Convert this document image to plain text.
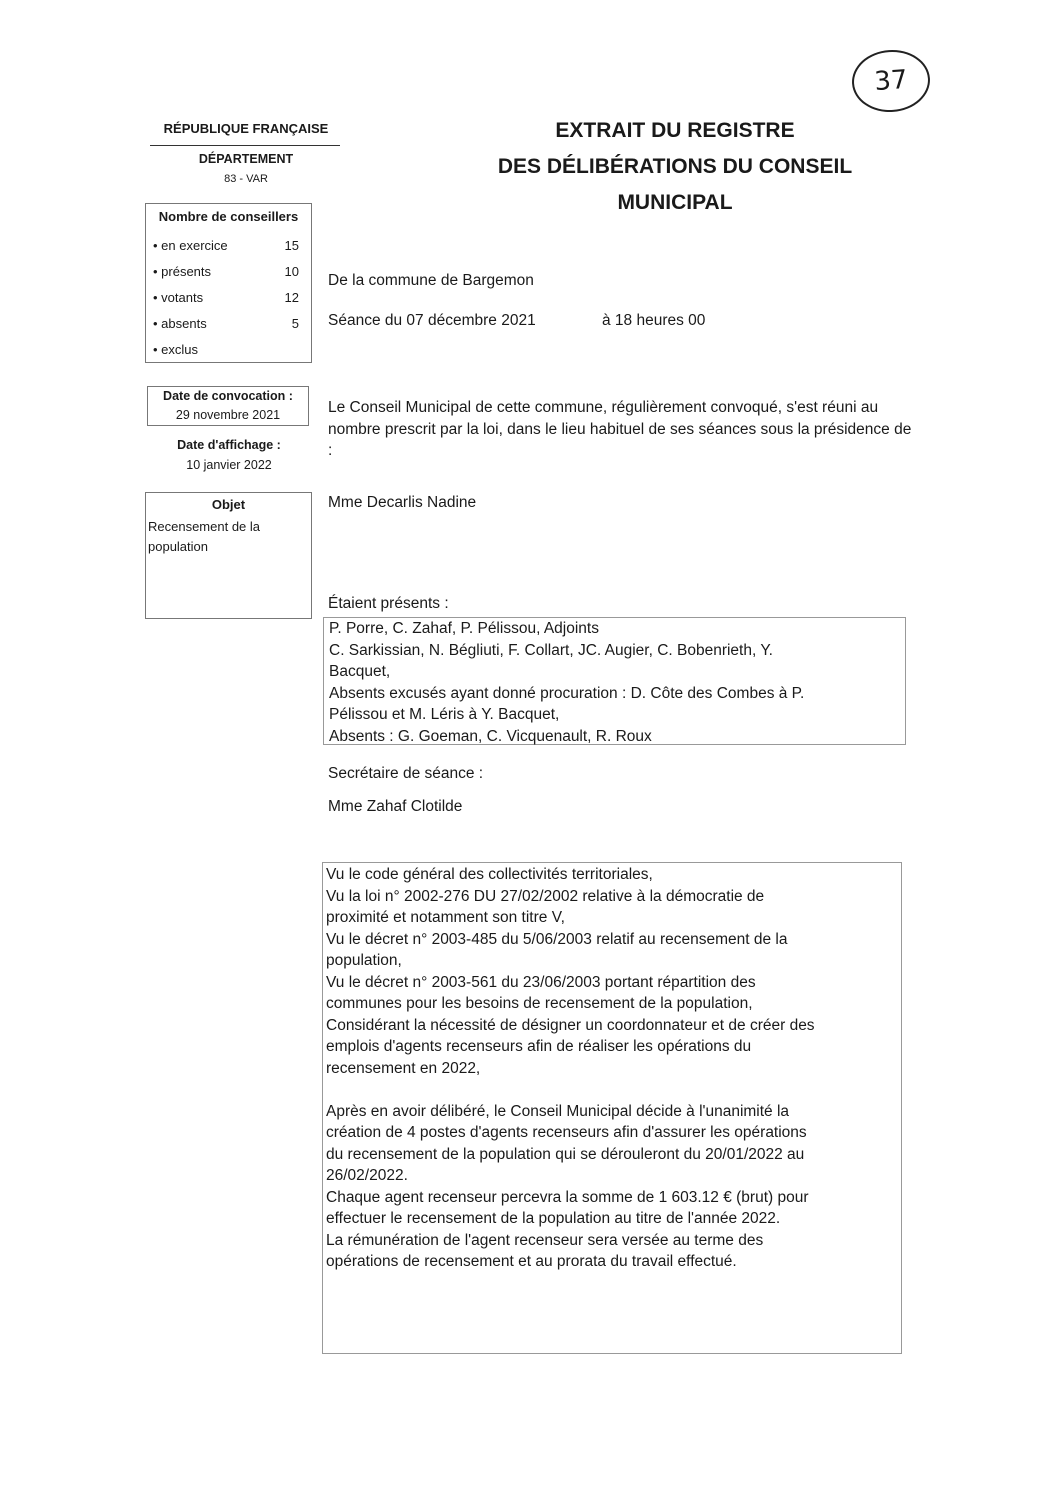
37
RÉPUBLIQUE FRANÇAISE
DÉPARTEMENT
83 - VAR
EXTRAIT DU REGISTRE
DES DÉLIBÉRATIONS DU CONSEIL
MUNICIPAL
Nombre de conseillers
• en exercice	15
• présents	10
• votants	12
• absents	5
• exclus
Date de convocation :
29 novembre 2021
Date d'affichage :
10 janvier 2022
Objet
Recensement de la population
De la commune de Bargemon
Séance du 07 décembre 2021	à 18 heures 00
Le Conseil Municipal de cette commune, régulièrement convoqué, s'est réuni au nombre prescrit par la loi, dans le lieu habituel de ses séances sous la présidence de :
Mme Decarlis Nadine
Étaient présents :
P. Porre, C. Zahaf, P. Pélissou, Adjoints
C. Sarkissian, N. Bégliuti, F. Collart, JC. Augier, C. Bobenrieth, Y.
Bacquet,
Absents excusés ayant donné procuration : D. Côte des Combes à P.
Pélissou et M. Léris à Y. Bacquet,
Absents : G. Goeman, C. Vicquenault, R. Roux
Secrétaire de séance :
Mme Zahaf Clotilde
Vu le code général des collectivités territoriales,
Vu la loi n° 2002-276 DU 27/02/2002 relative à la démocratie de
proximité et notamment son titre V,
Vu le décret n° 2003-485 du 5/06/2003 relatif au recensement de la
population,
Vu le décret n° 2003-561 du 23/06/2003 portant répartition des
communes pour les besoins de recensement de la population,
Considérant la nécessité de désigner un coordonnateur et de créer des
emplois d'agents recenseurs afin de réaliser les opérations du
recensement en 2022,
Après en avoir délibéré, le Conseil Municipal décide à l'unanimité la
création de 4 postes d'agents recenseurs afin d'assurer les opérations
du recensement de la population qui se dérouleront du 20/01/2022 au
26/02/2022.
Chaque agent recenseur percevra la somme de 1 603.12 € (brut) pour
effectuer le recensement de la population au titre de l'année 2022.
La rémunération de l'agent recenseur sera versée au terme des
opérations de recensement et au prorata du travail effectué.
